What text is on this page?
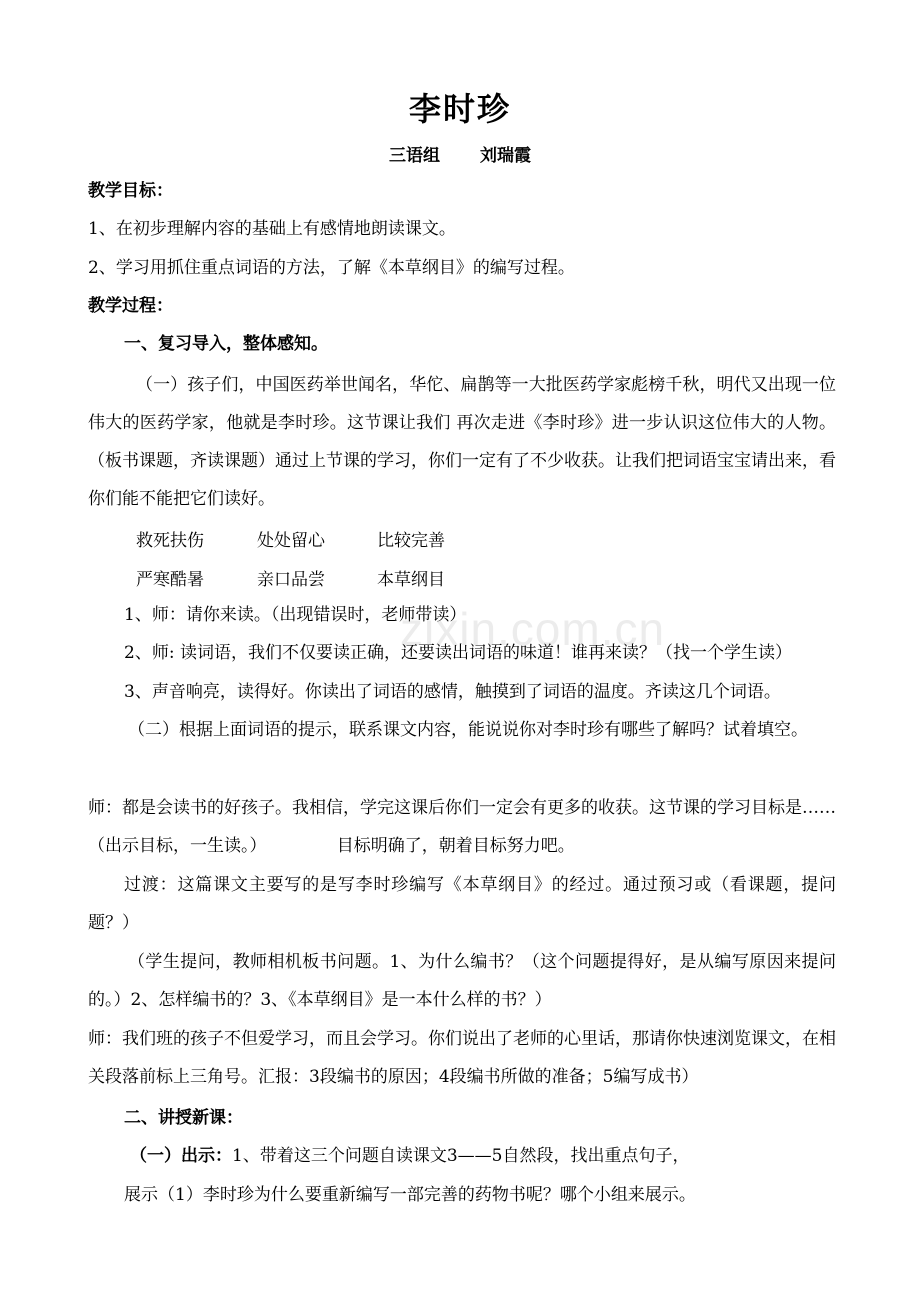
李时珍
三语组 刘瑞霞

教学目标：

1、在初步理解内容的基础上有感情地朗读课文。

2、学习用抓住重点词语的方法，了解《本草纲目》的编写过程。

教学过程：

一、复习导入，整体感知。

（一）孩子们，中国医药举世闻名，华佗、扁鹊等一大批医药学家彪榜千秋，明代又出现一位伟大的医药学家，他就是李时珍。这节课让我们 再次走进《李时珍》进一步认识这位伟大的人物。（板书课题，齐读课题）通过上节课的学习，你们一定有了不少收获。让我们把词语宝宝请出来，看你们能不能把它们读好。

救死扶伤	处处留心	比较完善
严寒酷暑	亲口品尝	本草纲目

1、师：请你来读。（出现错误时，老师带读）

2、师: 读词语，我们不仅要读正确，还要读出词语的味道！谁再来读？（找一个学生读）

3、声音响亮，读得好。你读出了词语的感情，触摸到了词语的温度。齐读这几个词语。

（二）根据上面词语的提示，联系课文内容，能说说你对李时珍有哪些了解吗？试着填空。

师：都是会读书的好孩子。我相信，学完这课后你们一定会有更多的收获。这节课的学习目标是……（出示目标，一生读。）             目标明确了，朝着目标努力吧。

过渡：这篇课文主要写的是写李时珍编写《本草纲目》的经过。通过预习或（看课题，提问题？）

（学生提问，教师相机板书问题。1、为什么编书？（这个问题提得好，是从编写原因来提问的。）2、怎样编书的？3、《本草纲目》是一本什么样的书？）

师：我们班的孩子不但爱学习，而且会学习。你们说出了老师的心里话，那请你快速浏览课文，在相关段落前标上三角号。汇报：3段编书的原因；4段编书所做的准备；5编写成书）

二、讲授新课：

（一）出示：1、带着这三个问题自读课文3——5自然段，找出重点句子，

展示（1）李时珍为什么要重新编写一部完善的药物书呢？哪个小组来展示。

zixin.com.cn
